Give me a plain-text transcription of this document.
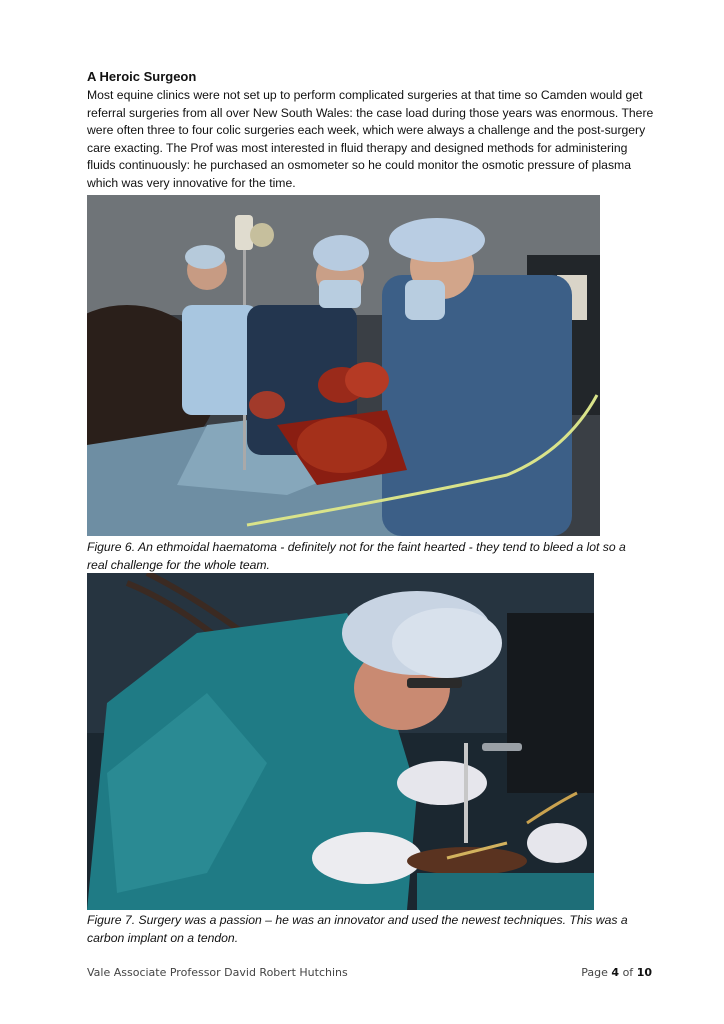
A Heroic Surgeon
Most equine clinics were not set up to perform complicated surgeries at that time so Camden would get referral surgeries from all over New South Wales: the case load during those years was enormous. There were often three to four colic surgeries each week, which were always a challenge and the post-surgery care exacting. The Prof was most interested in fluid therapy and designed methods for administering fluids continuously: he purchased an osmometer so he could monitor the osmotic pressure of plasma which was very innovative for the time.
Figure 6. An ethmoidal haematoma - definitely not for the faint hearted - they tend to bleed a lot so a real challenge for the whole team.
Figure 7. Surgery was a passion – he was an innovator and used the newest techniques. This was a carbon implant on a tendon.
Vale Associate Professor David Robert Hutchins	Page 4 of 10
